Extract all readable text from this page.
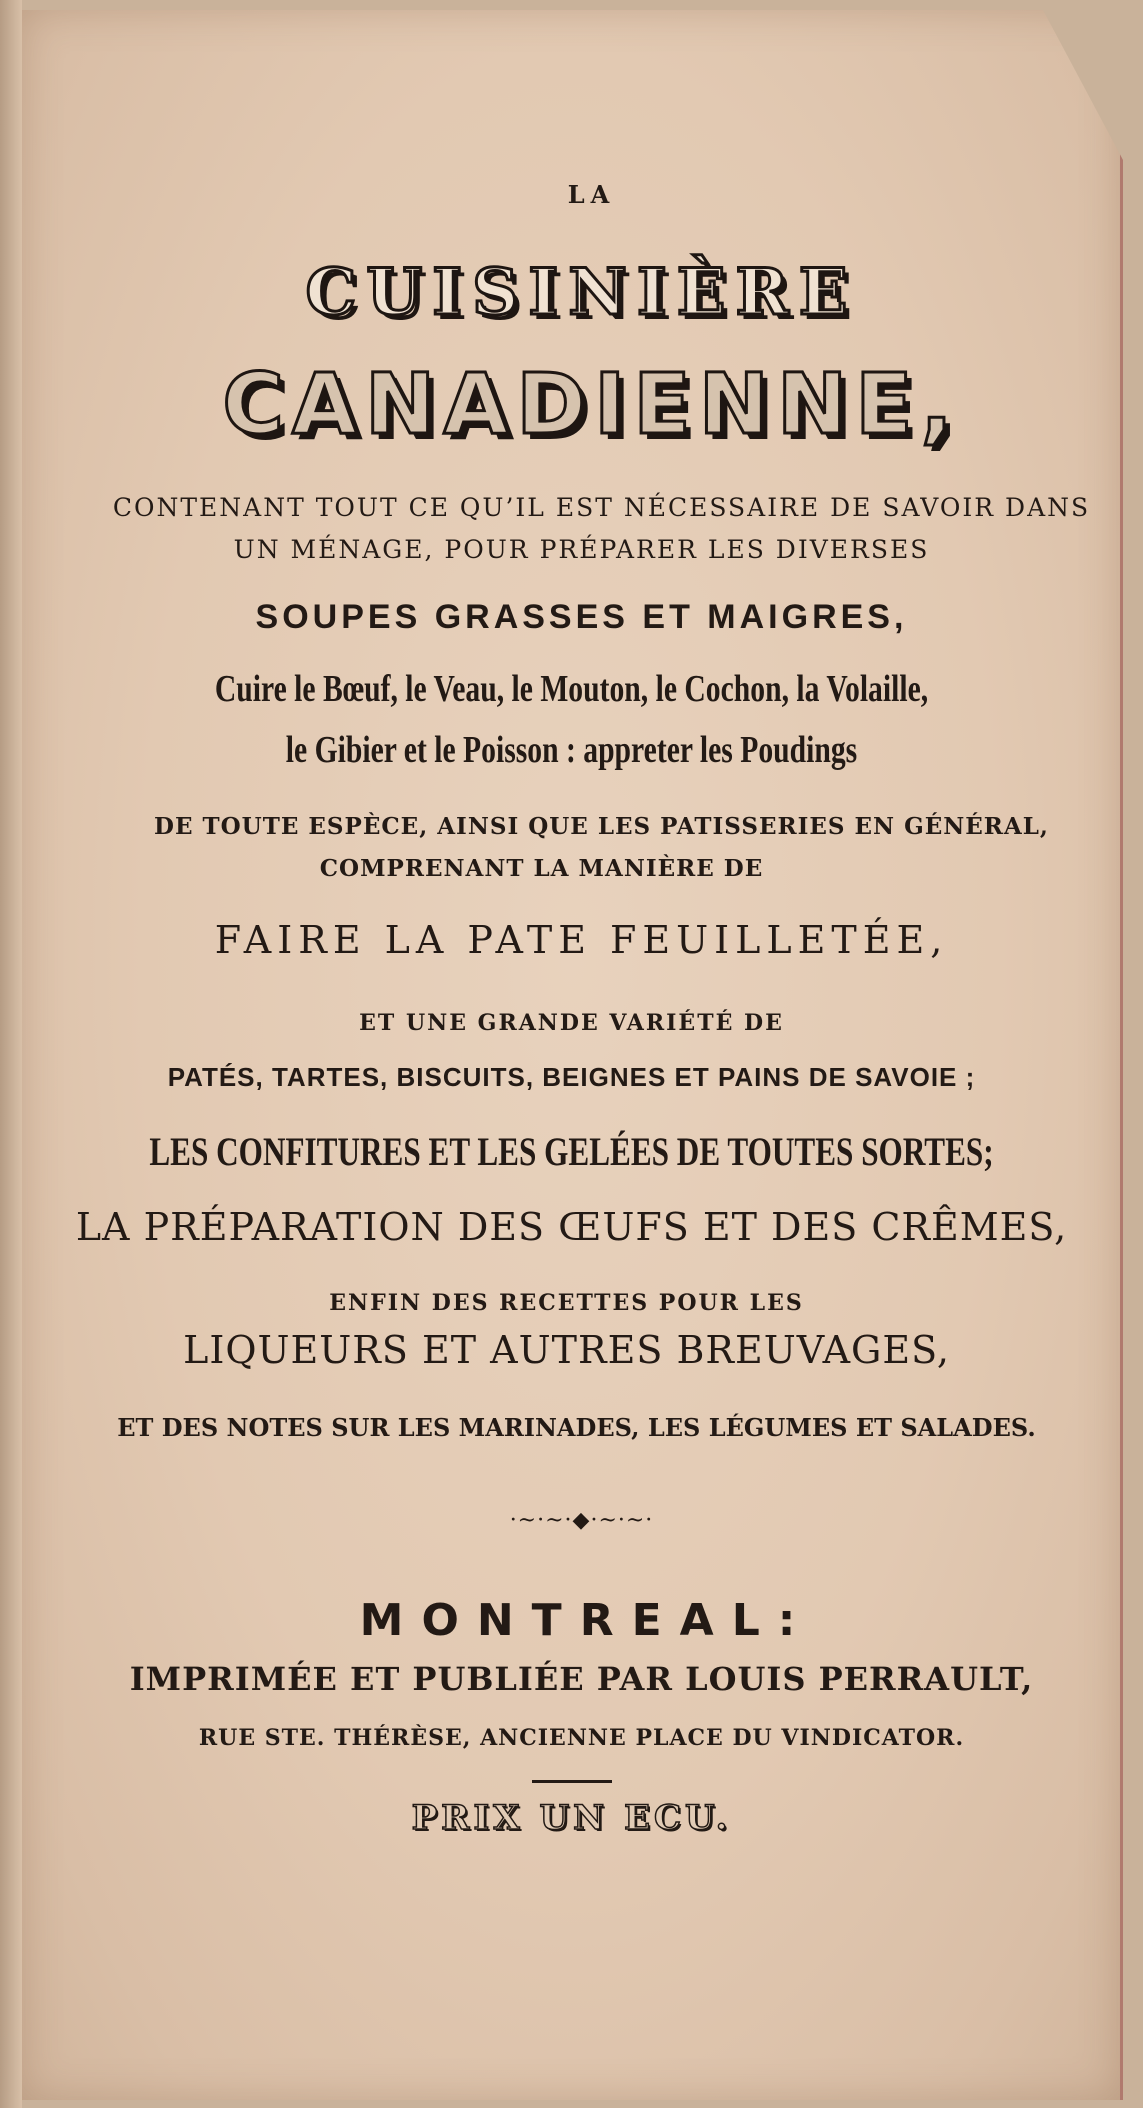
LA
CUISINIÈRE
CANADIENNE,
CONTENANT TOUT CE QU’IL EST NÉCESSAIRE DE SAVOIR DANS
UN MÉNAGE, POUR PRÉPARER LES DIVERSES
SOUPES GRASSES ET MAIGRES,
Cuire le Bœuf, le Veau, le Mouton, le Cochon, la Volaille,
le Gibier et le Poisson : appreter les Poudings
DE TOUTE ESPÈCE, AINSI QUE LES PATISSERIES EN GÉNÉRAL,
COMPRENANT LA MANIÈRE DE
FAIRE LA PATE FEUILLETÉE,
ET UNE GRANDE VARIÉTÉ DE
PATÉS, TARTES, BISCUITS, BEIGNES ET PAINS DE SAVOIE ;
LES CONFITURES ET LES GELÉES DE TOUTES SORTES;
LA PRÉPARATION DES ŒUFS ET DES CRÊMES,
ENFIN DES RECETTES POUR LES
LIQUEURS ET AUTRES BREUVAGES,
ET DES NOTES SUR LES MARINADES, LES LÉGUMES ET SALADES.
·~·~·◆·~·~·
MONTREAL:
IMPRIMÉE ET PUBLIÉE PAR LOUIS PERRAULT,
RUE STE. THÉRÈSE, ANCIENNE PLACE DU VINDICATOR.
PRIX UN ECU.
